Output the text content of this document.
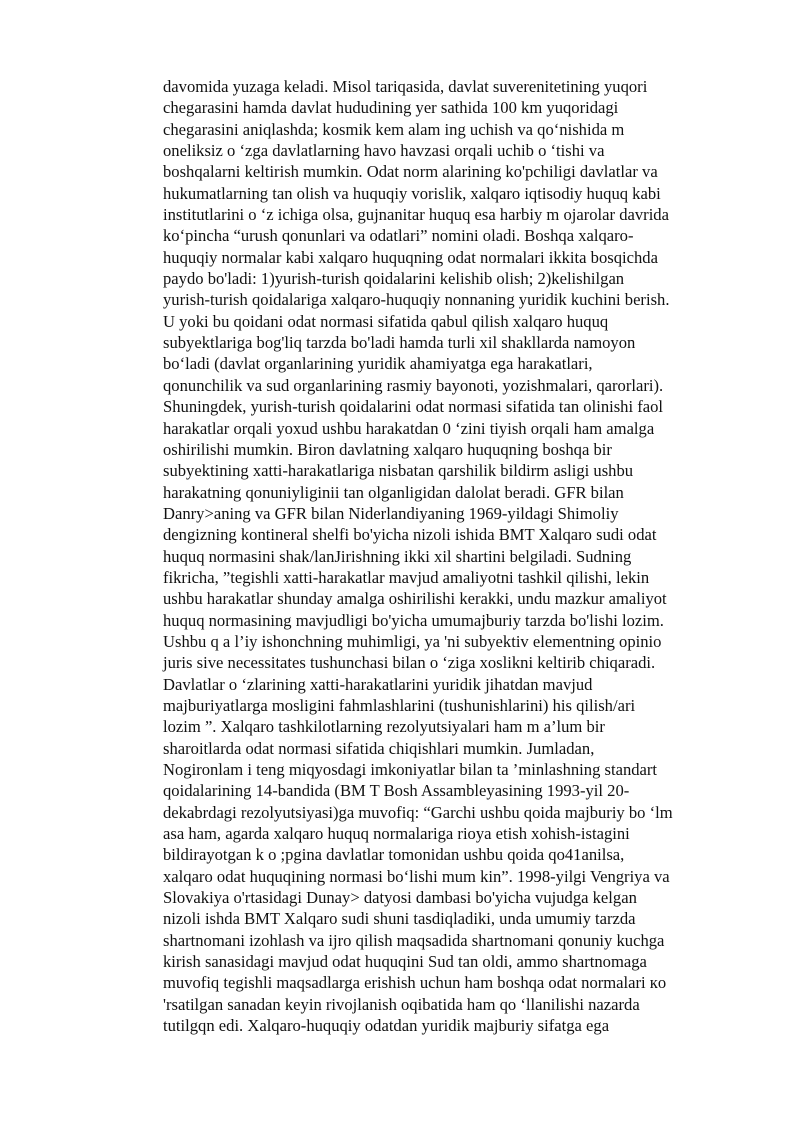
davomida yuzaga keladi. Misol tariqasida, davlat suverenitetining yuqori
chegarasini hamda davlat hududining yer sathida 100 km yuqoridagi
chegarasini aniqlashda; kosmik kem alam ing uchish va qo‘nishida m
oneliksiz o ‘zga davlatlarning havo havzasi orqali uchib o ‘tishi va
boshqalarni keltirish mumkin. Odat norm alarining ko'pchiligi davlatlar va
hukumatlarning tan olish va huquqiy vorislik, xalqaro iqtisodiy huquq kabi
institutlarini o ‘z ichiga olsa, gujnanitar huquq esa harbiy m ojarolar davrida
ko‘pincha “urush qonunlari va odatlari” nomini oladi. Boshqa xalqaro-
huquqiy normalar kabi xalqaro huquqning odat normalari ikkita bosqichda
paydo bo'ladi: 1)yurish-turish qoidalarini kelishib olish; 2)kelishilgan
yurish-turish qoidalariga xalqaro-huquqiy nonnaning yuridik kuchini berish.
U yoki bu qoidani odat normasi sifatida qabul qilish xalqaro huquq
subyektlariga bog'liq tarzda bo'ladi hamda turli xil shakllarda namoyon
bo‘ladi (davlat organlarining yuridik ahamiyatga ega harakatlari,
qonunchilik va sud organlarining rasmiy bayonoti, yozishmalari, qarorlari).
Shuningdek, yurish-turish qoidalarini odat normasi sifatida tan olinishi faol
harakatlar orqali yoxud ushbu harakatdan 0 ‘zini tiyish orqali ham amalga
oshirilishi mumkin. Biron davlatning xalqaro huquqning boshqa bir
subyektining xatti-harakatlariga nisbatan qarshilik bildirm asligi ushbu
harakatning qonuniyliginii tan olganligidan dalolat beradi. GFR bilan
Danry>aning va GFR bilan Niderlandiyaning 1969-yildagi Shimoliy
dengizning kontineral shelfi bo'yicha nizoli ishida BMT Xalqaro sudi odat
huquq normasini shak/lanJirishning ikki xil shartini belgiladi. Sudning
fikricha, ”tegishli xatti-harakatlar mavjud amaliyotni tashkil qilishi, lekin
ushbu harakatlar shunday amalga oshirilishi kerakki, undu mazkur amaliyot
huquq normasining mavjudligi bo'yicha umumajburiy tarzda bo'lishi lozim.
Ushbu q a l’iy ishonchning muhimligi, ya 'ni subyektiv elementning opinio
juris sive necessitates tushunchasi bilan o ‘ziga xoslikni keltirib chiqaradi.
Davlatlar o ‘zlarining xatti-harakatlarini yuridik jihatdan mavjud
majburiyatlarga mosligini fahmlashlarini (tushunishlarini) his qilish/ari
lozim ”. Xalqaro tashkilotlarning rezolyutsiyalari ham m a’lum bir
sharoitlarda odat normasi sifatida chiqishlari mumkin. Jumladan,
Nogironlam i teng miqyosdagi imkoniyatlar bilan ta ’minlashning standart
qoidalarining 14-bandida (BM T Bosh Assambleyasining 1993-yil 20-
dekabrdagi rezolyutsiyasi)ga muvofiq: “Garchi ushbu qoida majburiy bo ‘lm
asa ham, agarda xalqaro huquq normalariga rioya etish xohish-istagini
bildirayotgan k o ;pgina davlatlar tomonidan ushbu qoida qo41anilsa,
xalqaro odat huquqining normasi bo‘lishi mum kin”. 1998-yilgi Vengriya va
Slovakiya o'rtasidagi Dunay> datyosi dambasi bo'yicha vujudga kelgan
nizoli ishda BMT Xalqaro sudi shuni tasdiqladiki, unda umumiy tarzda
shartnomani izohlash va ijro qilish maqsadida shartnomani qonuniy kuchga
kirish sanasidagi mavjud odat huquqini Sud tan oldi, ammo shartnomaga
muvofiq tegishli maqsadlarga erishish uchun ham boshqa odat normalari кo
'rsatilgan sanadan keyin rivojlanish oqibatida ham qo ‘llanilishi nazarda
tutilgqn edi. Xalqaro-huquqiy odatdan yuridik majburiy sifatga ega
